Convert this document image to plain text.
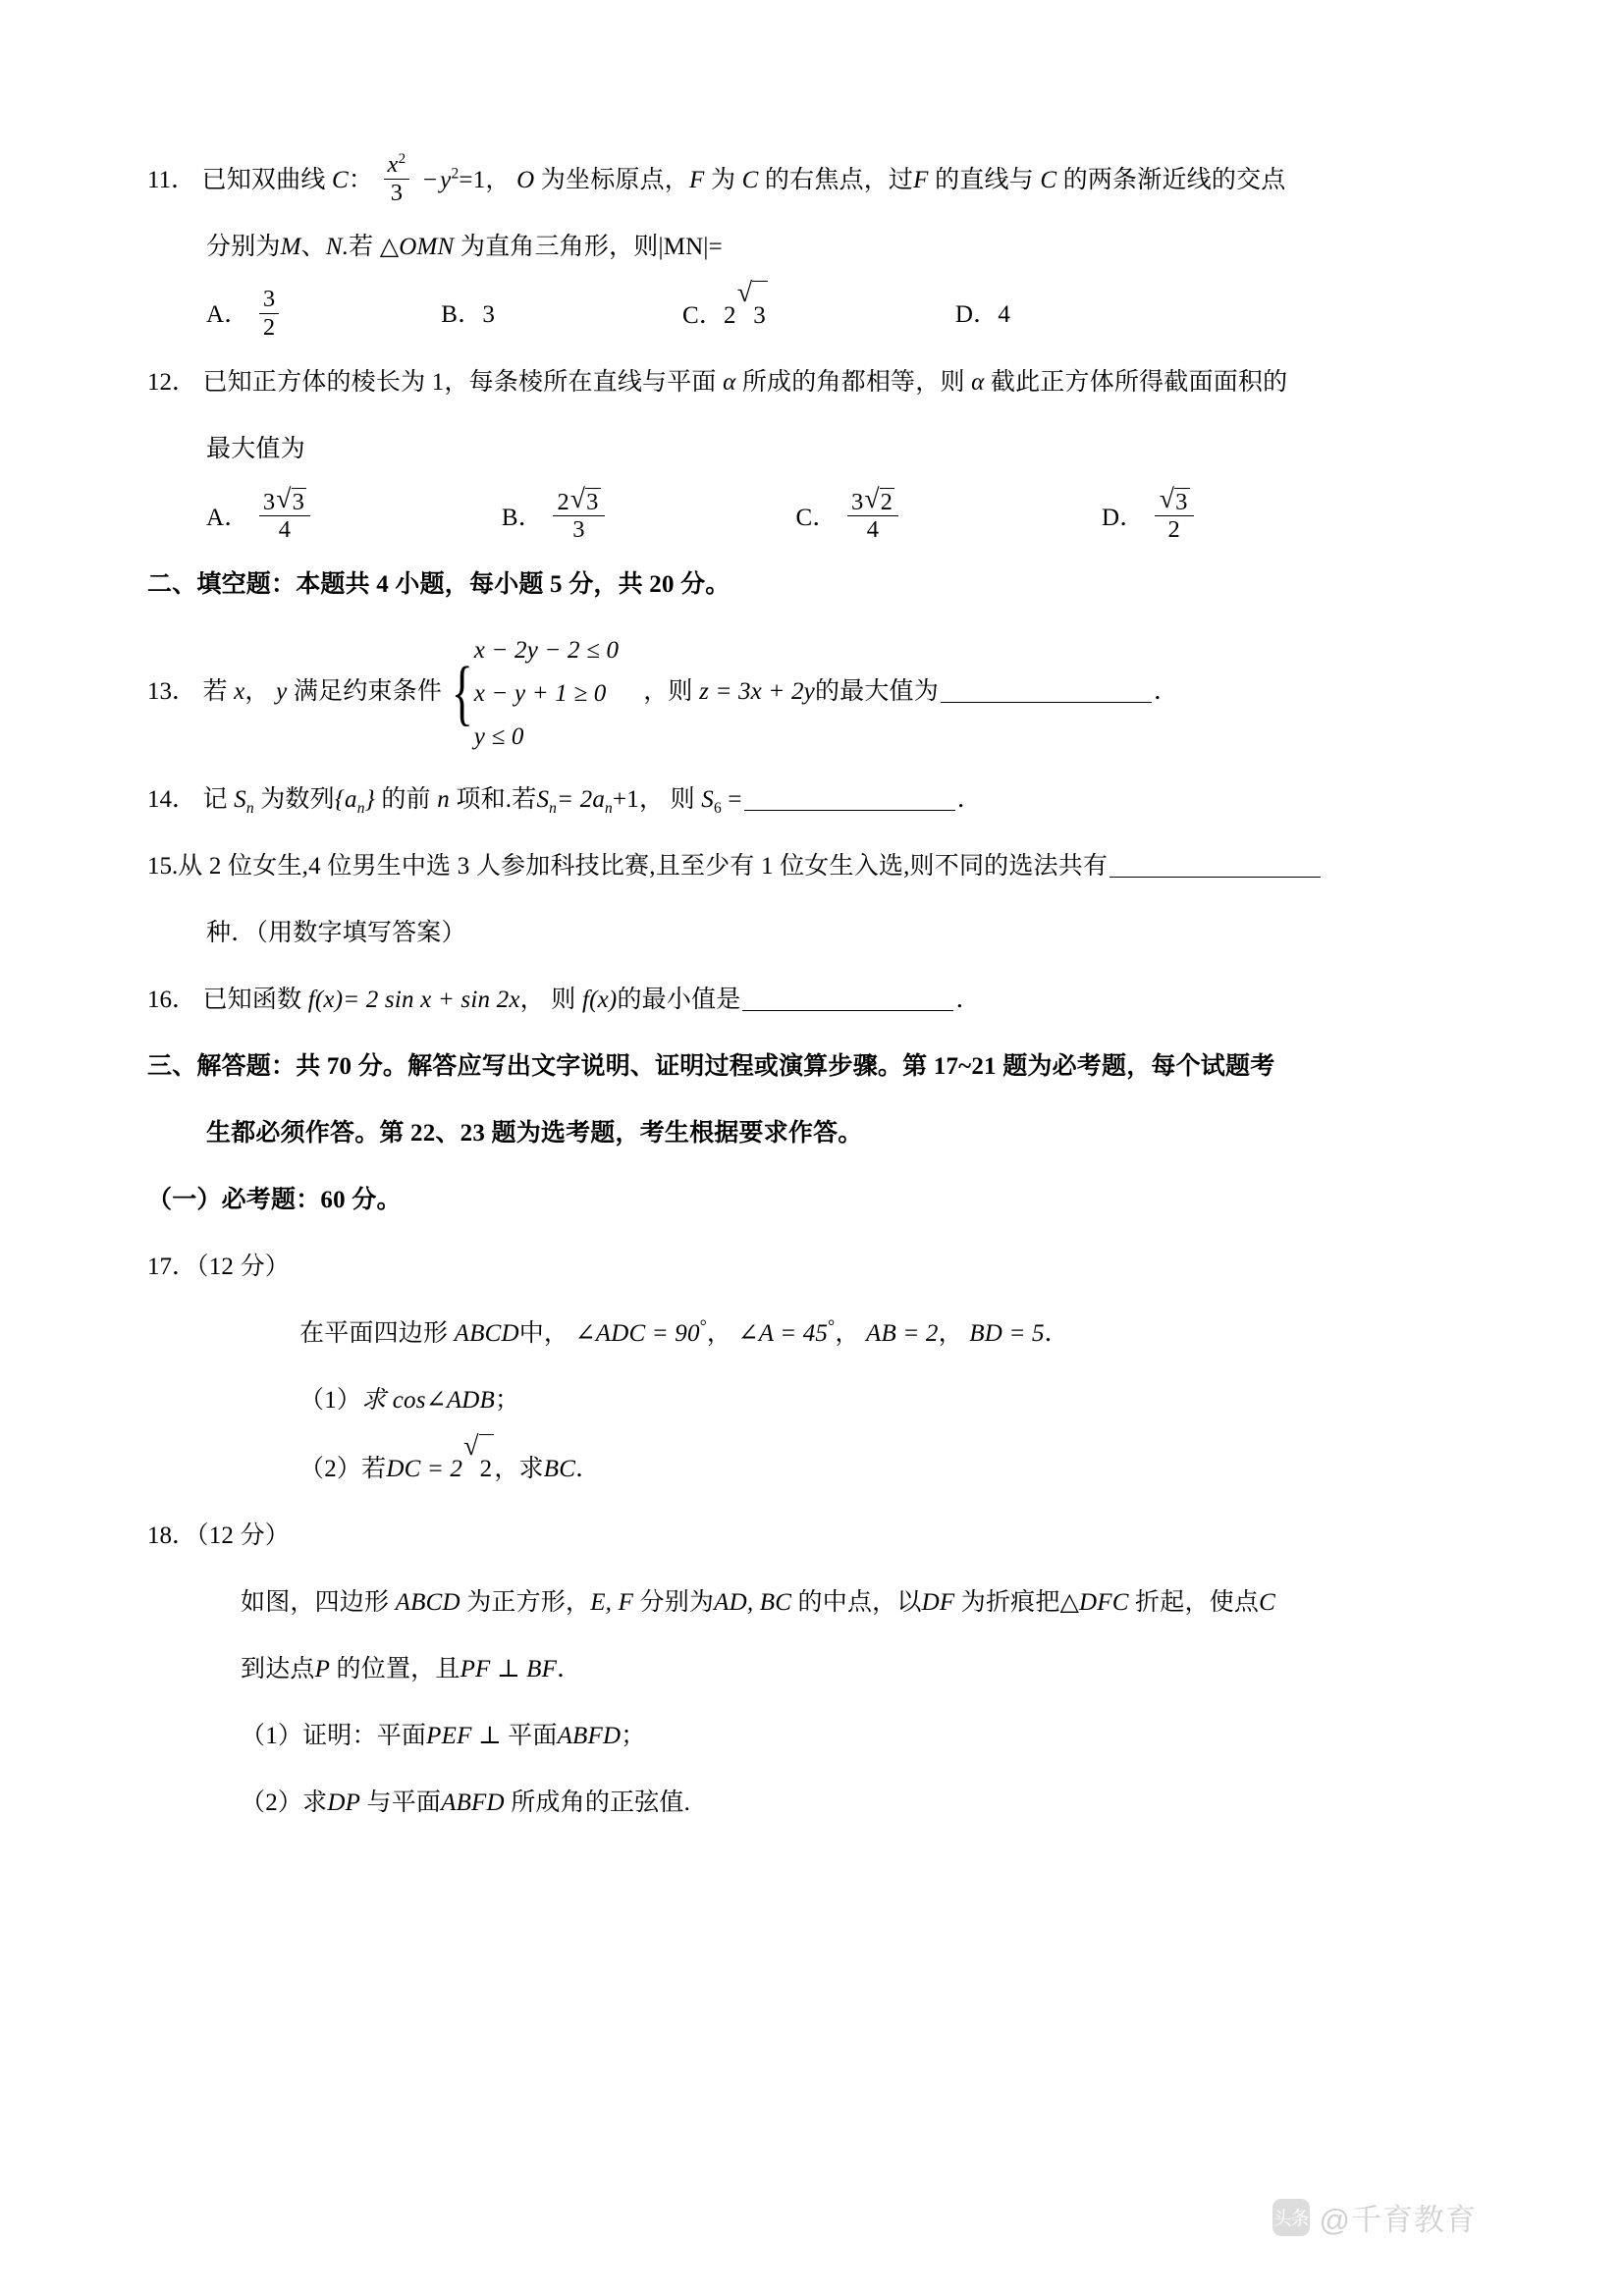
11． 已知双曲线 C： $\frac{x^2}{3} - y^2=1$， O 为坐标原点，F 为 C 的右焦点，过F 的直线与 C 的两条渐近线的交点
分别为M、N.若 △OMN 为直角三角形，则|MN|=
A． $\frac{3}{2}$	B．3	C．2 √ 3	D．4
12． 已知正方体的棱长为 1，每条棱所在直线与平面 α 所成的角都相等，则 α 截此正方体所得截面面积的
最大值为
A． $\frac{3 √ 3}{4}$	B． $\frac{2 √ 3}{3}$	C． $\frac{3 √ 2}{4}$	D． √ $\frac{3}{2}$
二、填空题：本题共 4 小题，每小题 5 分，共 20 分。
13． 若 x， y 满足约束条件 {
x − 2y − 2 ≤ 0
x − y + 1 ≥ 0
y ≤ 0
，则 z = 3x + 2y的最大值为	．
14． 记 $S_n$ 为数列$\{a_n\}$ 的前 n 项和.若$S_n= 2a_n+1$， 则 $S_6$ =	．
15.从 2 位女生,4 位男生中选 3 人参加科技比赛,且至少有 1 位女生入选,则不同的选法共有
种．（用数字填写答案）
16． 已知函数 f(x)= 2 sin x + sin 2x， 则 f(x)的最小值是	．
三、解答题：共 70 分。解答应写出文字说明、证明过程或演算步骤。第 17~21 题为必考题，每个试题考
生都必须作答。第 22、23 题为选考题，考生根据要求作答。
（一）必考题：60 分。
17．（12 分）
在平面四边形 ABCD中， ∠ADC = 90°， ∠A = 45°， AB = 2， BD = 5．
（1）求 cos∠ADB；
（2）若DC = 2 √ 2，求BC．
18．（12 分）
如图，四边形 ABCD 为正方形，E, F 分别为AD, BC 的中点，以DF 为折痕把△DFC 折起，使点C
到达点P 的位置，且PF ⊥ BF．
（1）证明：平面PEF ⊥ 平面ABFD；
（2）求DP 与平面ABFD 所成角的正弦值.
头条 @千育教育
